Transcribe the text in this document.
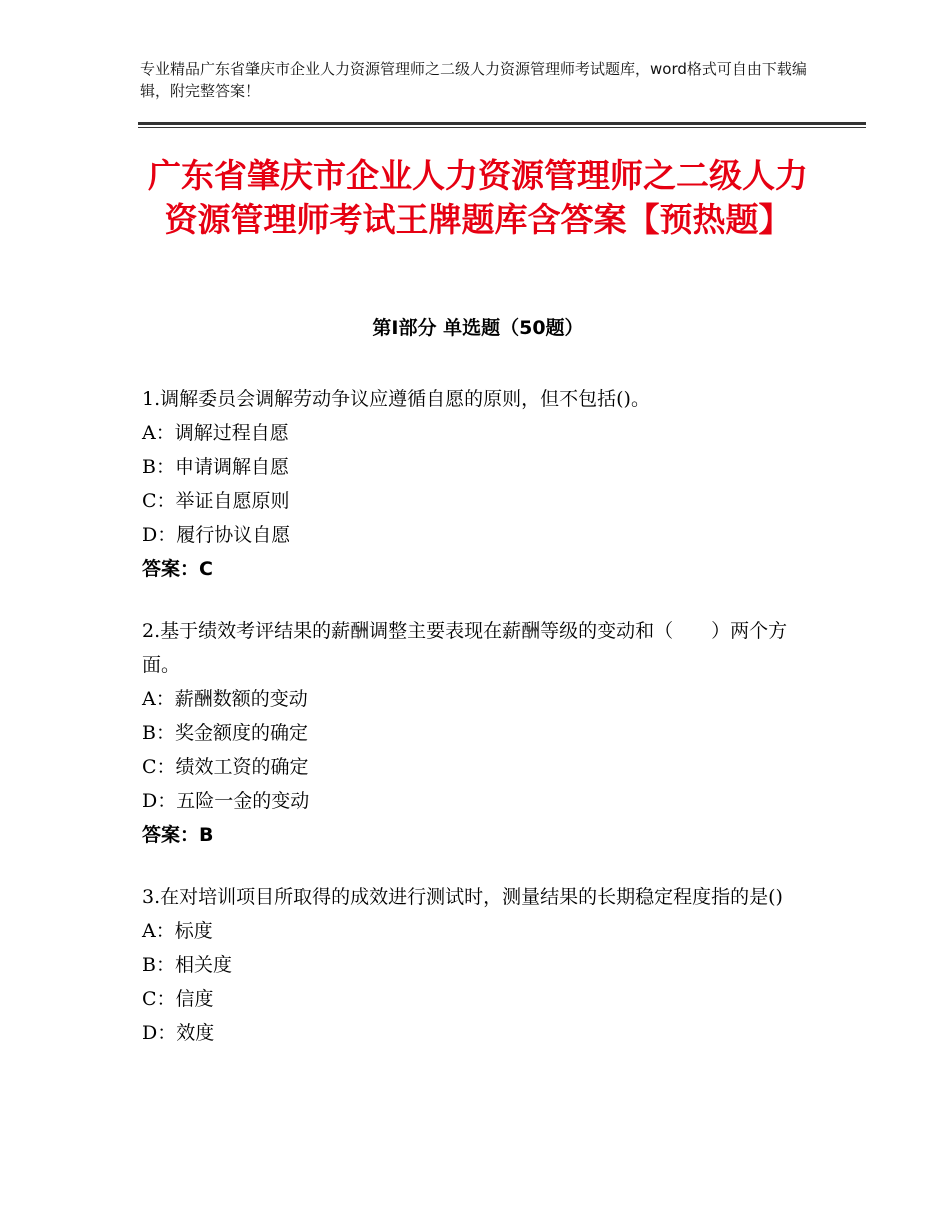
专业精品广东省肇庆市企业人力资源管理师之二级人力资源管理师考试题库，word格式可自由下载编辑，附完整答案！
广东省肇庆市企业人力资源管理师之二级人力资源管理师考试王牌题库含答案【预热题】
第Ⅰ部分 单选题（50题）

1.调解委员会调解劳动争议应遵循自愿的原则，但不包括()。

A：调解过程自愿

B：申请调解自愿

C：举证自愿原则

D：履行协议自愿

答案：C

2.基于绩效考评结果的薪酬调整主要表现在薪酬等级的变动和（　　）两个方面。

A：薪酬数额的变动

B：奖金额度的确定

C：绩效工资的确定

D：五险一金的变动

答案：B

3.在对培训项目所取得的成效进行测试时，测量结果的长期稳定程度指的是()

A：标度

B：相关度

C：信度

D：效度
